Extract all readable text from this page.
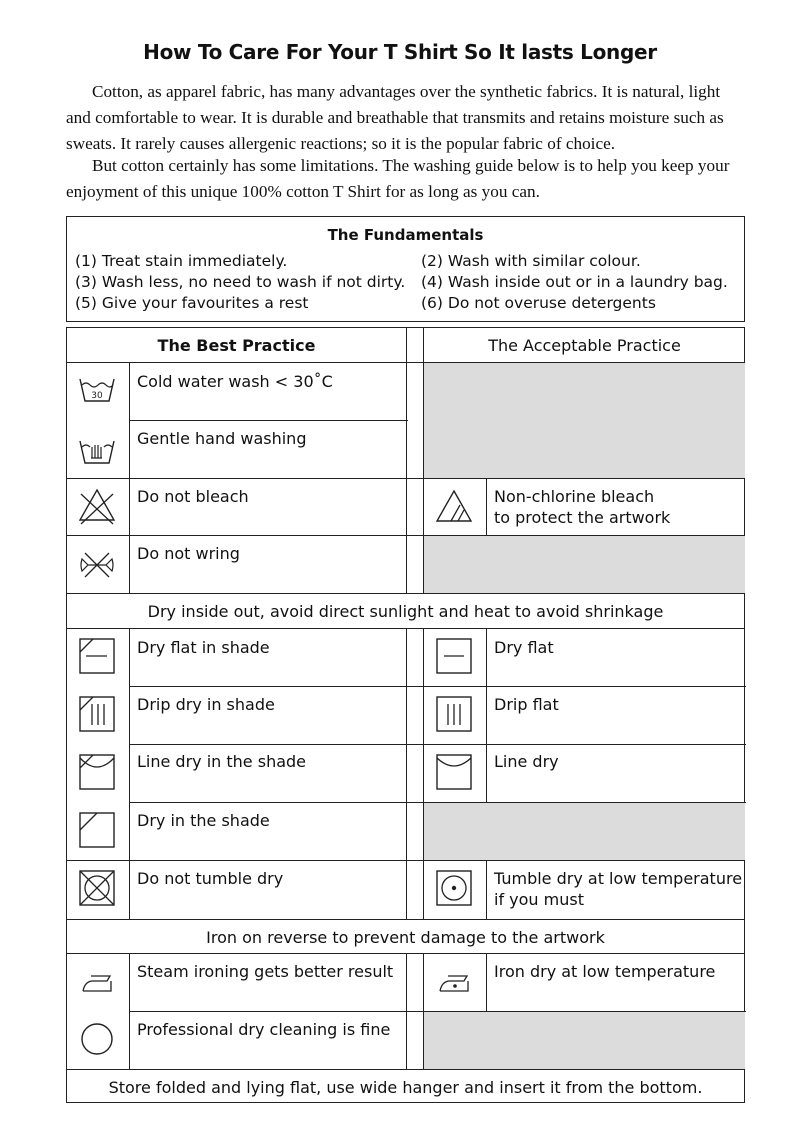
How To Care For Your T Shirt So It lasts Longer

Cotton, as apparel fabric, has many advantages over the synthetic fabrics. It is natural, light and comfortable to wear. It is durable and breathable that transmits and retains moisture such as sweats. It rarely causes allergenic reactions; so it is the popular fabric of choice.

But cotton certainly has some limitations. The washing guide below is to help you keep your enjoyment of this unique 100% cotton T Shirt for as long as you can.

The Fundamentals
(1) Treat stain immediately.	(2) Wash with similar colour.
(3) Wash less, no need to wash if not dirty. (4) Wash inside out or in a laundry bag.
(5) Give your favourites a rest	(6) Do not overuse detergents
The Best Practice	The Acceptable Practice
30
Cold water wash < 30˚C
Gentle hand washing
Do not bleach	Non-chlorine bleach
to protect the artwork
Do not wring
Dry inside out, avoid direct sunlight and heat to avoid shrinkage
Dry flat in shade	Dry flat
Drip dry in shade	Drip flat
Line dry in the shade	Line dry
Dry in the shade
Do not tumble dry	Tumble dry at low temperature
if you must
Iron on reverse to prevent damage to the artwork
Steam ironing gets better result	Iron dry at low temperature
Professional dry cleaning is fine
Store folded and lying flat, use wide hanger and insert it from the bottom.
